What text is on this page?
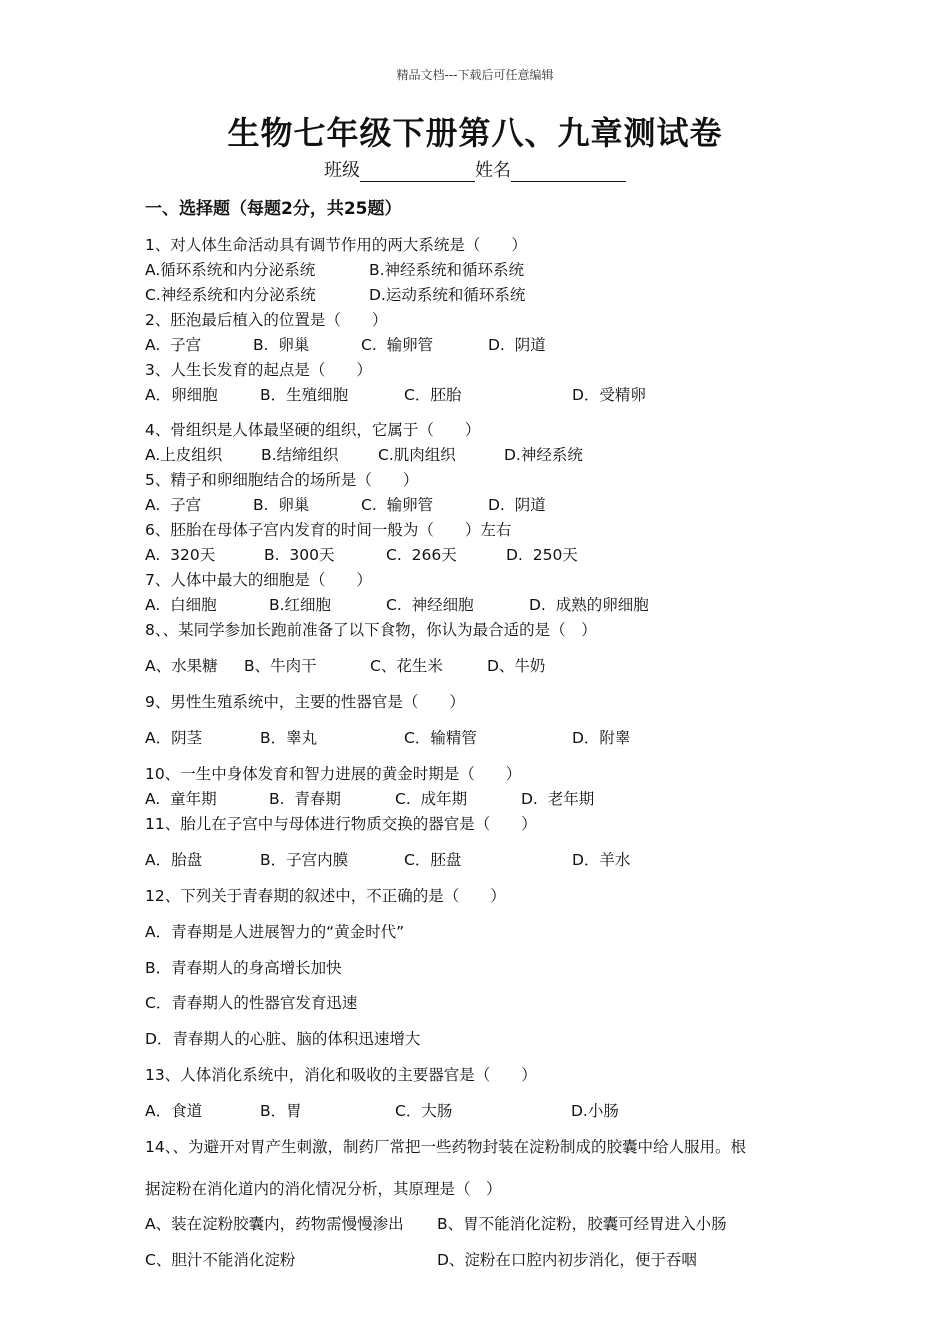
精品文档---下载后可任意编辑
生物七年级下册第八、九章测试卷
班级	姓名
一、选择题（每题2分，共25题）
1、对人体生命活动具有调节作用的两大系统是（　　）
A.循环系统和内分泌系统	B.神经系统和循环系统
C.神经系统和内分泌系统	D.运动系统和循环系统
2、胚泡最后植入的位置是（　　）
A.  子宫	B.  卵巢	C.  输卵管	D.  阴道
3、人生长发育的起点是（　　）
A．卵细胞	B．生殖细胞	C．胚胎	D．受精卵
4、骨组织是人体最坚硬的组织，它属于（　　）
A.上皮组织 B.结缔组织	C.肌肉组织	D.神经系统
5、精子和卵细胞结合的场所是（　　）
A.  子宫	B.  卵巢	C.  输卵管	D.  阴道
6、胚胎在母体子宫内发育的时间一般为（　　）左右
A.  320天	B.  300天	C.  266天	D.  250天
7、人体中最大的细胞是（　　）
A.  白细胞	B.红细胞	C.  神经细胞	D.  成熟的卵细胞
8、、某同学参加长跑前准备了以下食物，你认为最合适的是（　）
A、水果糖 B、牛肉干	C、花生米	D、牛奶
9、男性生殖系统中，主要的性器官是（　　）
A．阴茎	B．睾丸	C．输精管	D．附睾
10、一生中身体发育和智力进展的黄金时期是（　　）
A.  童年期	B.  青春期	C.  成年期	D.  老年期
11、胎儿在子宫中与母体进行物质交换的器官是（　　）
A．胎盘	B．子宫内膜	C．胚盘	D．羊水
12、下列关于青春期的叙述中，不正确的是（　　）
A．青春期是人进展智力的“黄金时代”
B．青春期人的身高增长加快
C．青春期人的性器官发育迅速
D．青春期人的心脏、脑的体积迅速增大
13、人体消化系统中，消化和吸收的主要器官是（　　）
A．食道	B．胃	C．大肠	D.小肠
14、、为避开对胃产生刺激，制药厂常把一些药物封装在淀粉制成的胶囊中给人服用。根
据淀粉在消化道内的消化情况分析，其原理是（　）
A、装在淀粉胶囊内，药物需慢慢渗出 B、胃不能消化淀粉，胶囊可经胃进入小肠
C、胆汁不能消化淀粉	D、淀粉在口腔内初步消化，便于吞咽
